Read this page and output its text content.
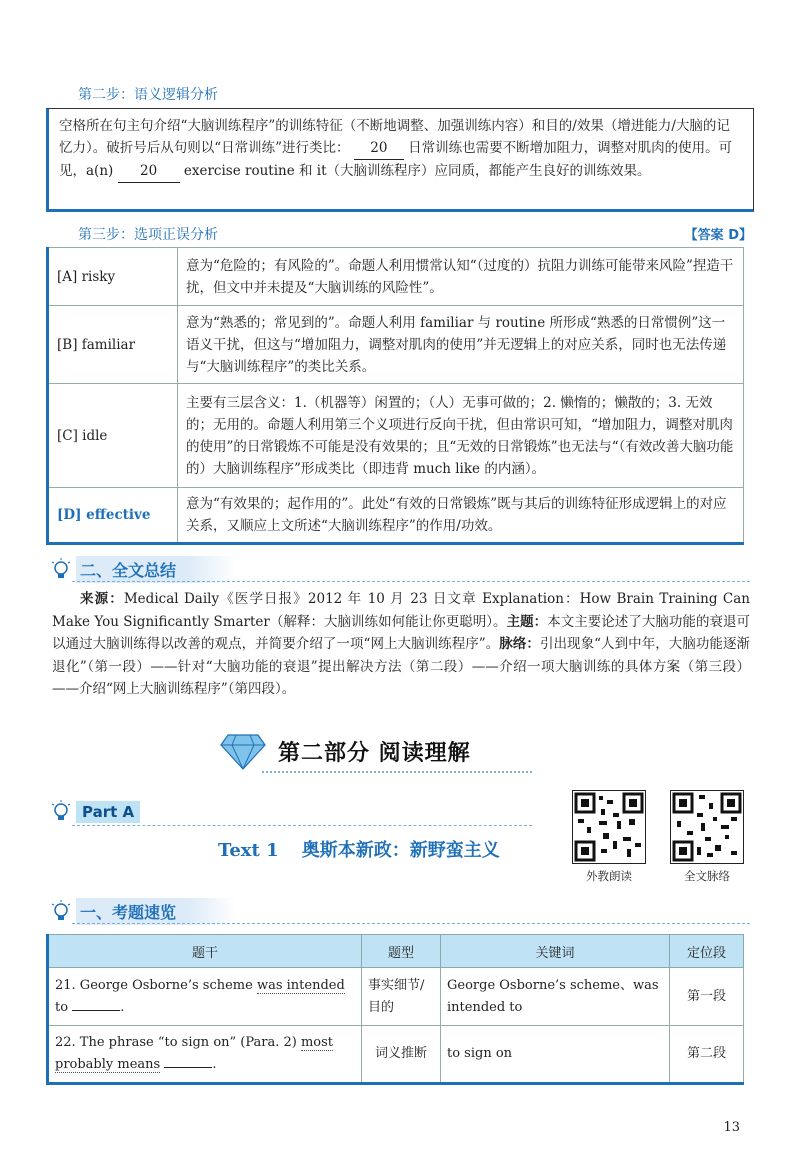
第二步：语义逻辑分析
空格所在句主句介绍“大脑训练程序”的训练特征（不断地调整、加强训练内容）和目的/效果（增进能力/大脑的记忆力）。破折号后从句则以“日常训练”进行类比： 20 日常训练也需要不断增加阻力，调整对肌肉的使用。可见，a(n) 20 exercise routine 和 it（大脑训练程序）应同质，都能产生良好的训练效果。
第三步：选项正误分析	【答案 D】
[A] risky	意为“危险的；有风险的”。命题人利用惯常认知“（过度的）抗阻力训练可能带来风险”捏造干扰，但文中并未提及“大脑训练的风险性”。
[B] familiar	意为“熟悉的；常见到的”。命题人利用 familiar 与 routine 所形成“熟悉的日常惯例”这一语义干扰，但这与“增加阻力，调整对肌肉的使用”并无逻辑上的对应关系，同时也无法传递与“大脑训练程序”的类比关系。
[C] idle	主要有三层含义：1.（机器等）闲置的；（人）无事可做的；2. 懒惰的；懒散的；3. 无效的；无用的。命题人利用第三个义项进行反向干扰，但由常识可知，“增加阻力，调整对肌肉的使用”的日常锻炼不可能是没有效果的；且“无效的日常锻炼”也无法与“（有效改善大脑功能的）大脑训练程序”形成类比（即违背 much like 的内涵）。
[D] effective	意为“有效果的；起作用的”。此处“有效的日常锻炼”既与其后的训练特征形成逻辑上的对应关系，又顺应上文所述“大脑训练程序”的作用/功效。
二、全文总结
来源：Medical Daily《医学日报》2012 年 10 月 23 日文章 Explanation：How Brain Training Can Make You Significantly Smarter（解释：大脑训练如何能让你更聪明）。主题：本文主要论述了大脑功能的衰退可以通过大脑训练得以改善的观点，并简要介绍了一项“网上大脑训练程序”。脉络：引出现象“人到中年，大脑功能逐渐退化”（第一段）——针对“大脑功能的衰退”提出解决方法（第二段）——介绍一项大脑训练的具体方案（第三段）——介绍“网上大脑训练程序”（第四段）。
第二部分 阅读理解
Part A
Text 1 奥斯本新政：新野蛮主义
外教朗读	全文脉络
一、考题速览
题干	题型	关键词	定位段
21. George Osborne’s scheme was intended to .	事实细节/目的	George Osborne’s scheme、was intended to	第一段
22. The phrase “to sign on” (Para. 2) most probably means .	词义推断	to sign on	第二段
13
